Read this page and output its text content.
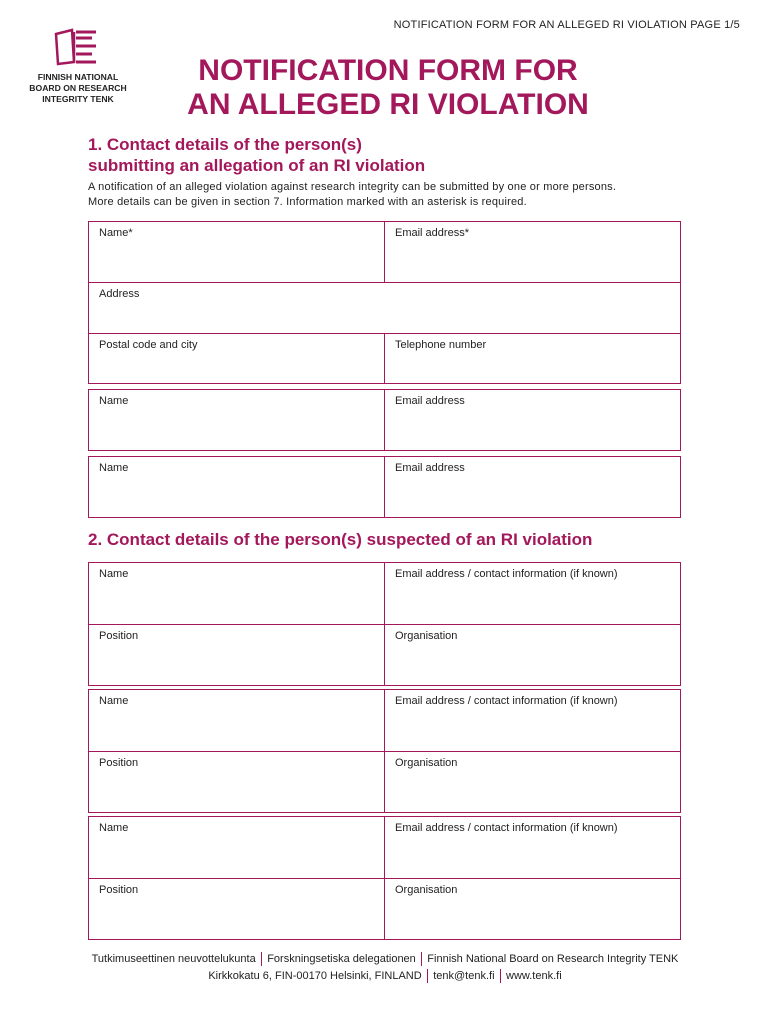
NOTIFICATION FORM FOR AN ALLEGED RI VIOLATION PAGE 1/5
FINNISH NATIONAL
BOARD ON RESEARCH
INTEGRITY TENK
NOTIFICATION FORM FOR
AN ALLEGED RI VIOLATION
1. Contact details of the person(s)
submitting an allegation of an RI violation
A notification of an alleged violation against research integrity can be submitted by one or more persons.
More details can be given in section 7. Information marked with an asterisk is required.
Name*	Email address*
Address
Postal code and city	Telephone number
Name	Email address
Name	Email address
2. Contact details of the person(s) suspected of an RI violation
Name	Email address / contact information (if known)
Position	Organisation
Name	Email address / contact information (if known)
Position	Organisation
Name	Email address / contact information (if known)
Position	Organisation
Tutkimuseettinen neuvottelukunta Forskningsetiska delegationen Finnish National Board on Research Integrity TENK
Kirkkokatu 6, FIN-00170 Helsinki, FINLAND tenk@tenk.fi www.tenk.fi
